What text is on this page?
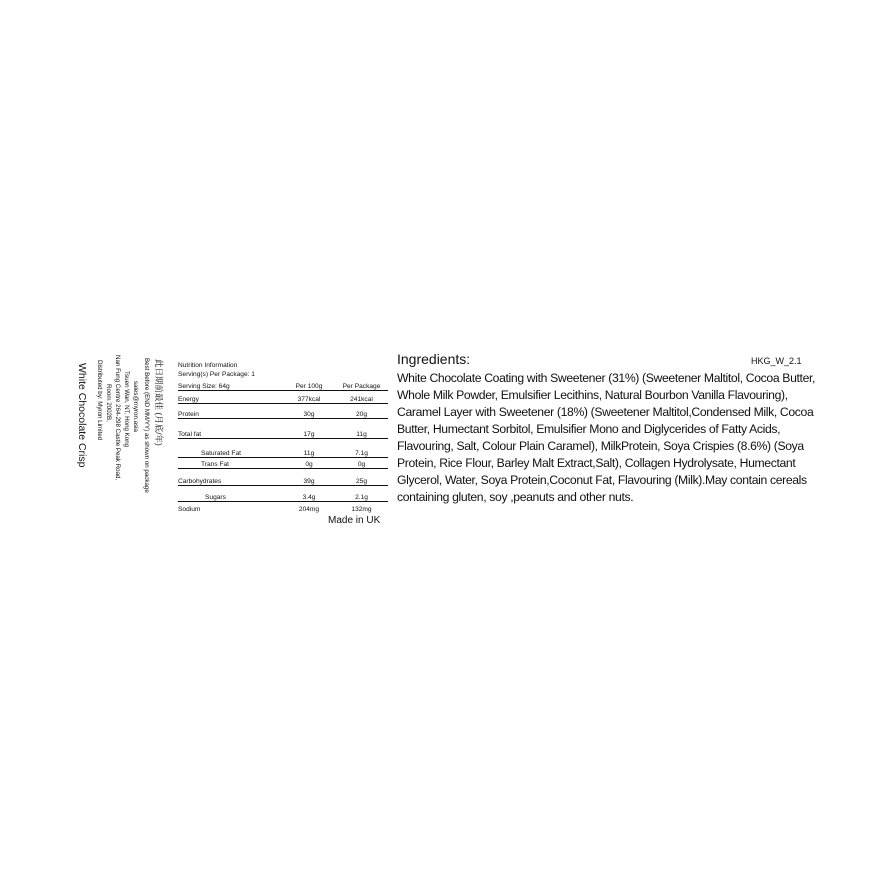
White Chocolate Crisp Distributed by: Myron Limited Room 2002B, Nan Fung Centre 264-298 Castle Peak Road, Tsuen Wan, NT, Hong Kong sales@myron.asia Best Before (END MM/YY) as shown on package 此日期前最佳 (月底/年) Nutrition Information
Serving(s) Per Package: 1
Serving Size: 64g	Per 100g	Per Package
Energy	377kcal	241kcal
Protein	30g	20g
Total fat	17g	11g
Saturated Fat	11g	7.1g
Trans Fat	0g	0g
Carbohydrates	39g	25g
Sugars	3.4g	2.1g
Sodium	204mg	132mg
Made in UK
Ingredients:	HKG_W_2.1
White Chocolate Coating with Sweetener (31%) (Sweetener Maltitol, Cocoa Butter, Whole Milk Powder, Emulsifier Lecithins, Natural Bourbon Vanilla Flavouring), Caramel Layer with Sweetener (18%) (Sweetener Maltitol,Condensed Milk, Cocoa Butter, Humectant Sorbitol, Emulsifier Mono and Diglycerides of Fatty Acids, Flavouring, Salt, Colour Plain Caramel), MilkProtein, Soya Crispies (8.6%) (Soya Protein, Rice Flour, Barley Malt Extract,Salt), Collagen Hydrolysate, Humectant Glycerol, Water, Soya Protein,Coconut Fat, Flavouring (Milk).May contain cereals containing gluten, soy ,peanuts and other nuts.
